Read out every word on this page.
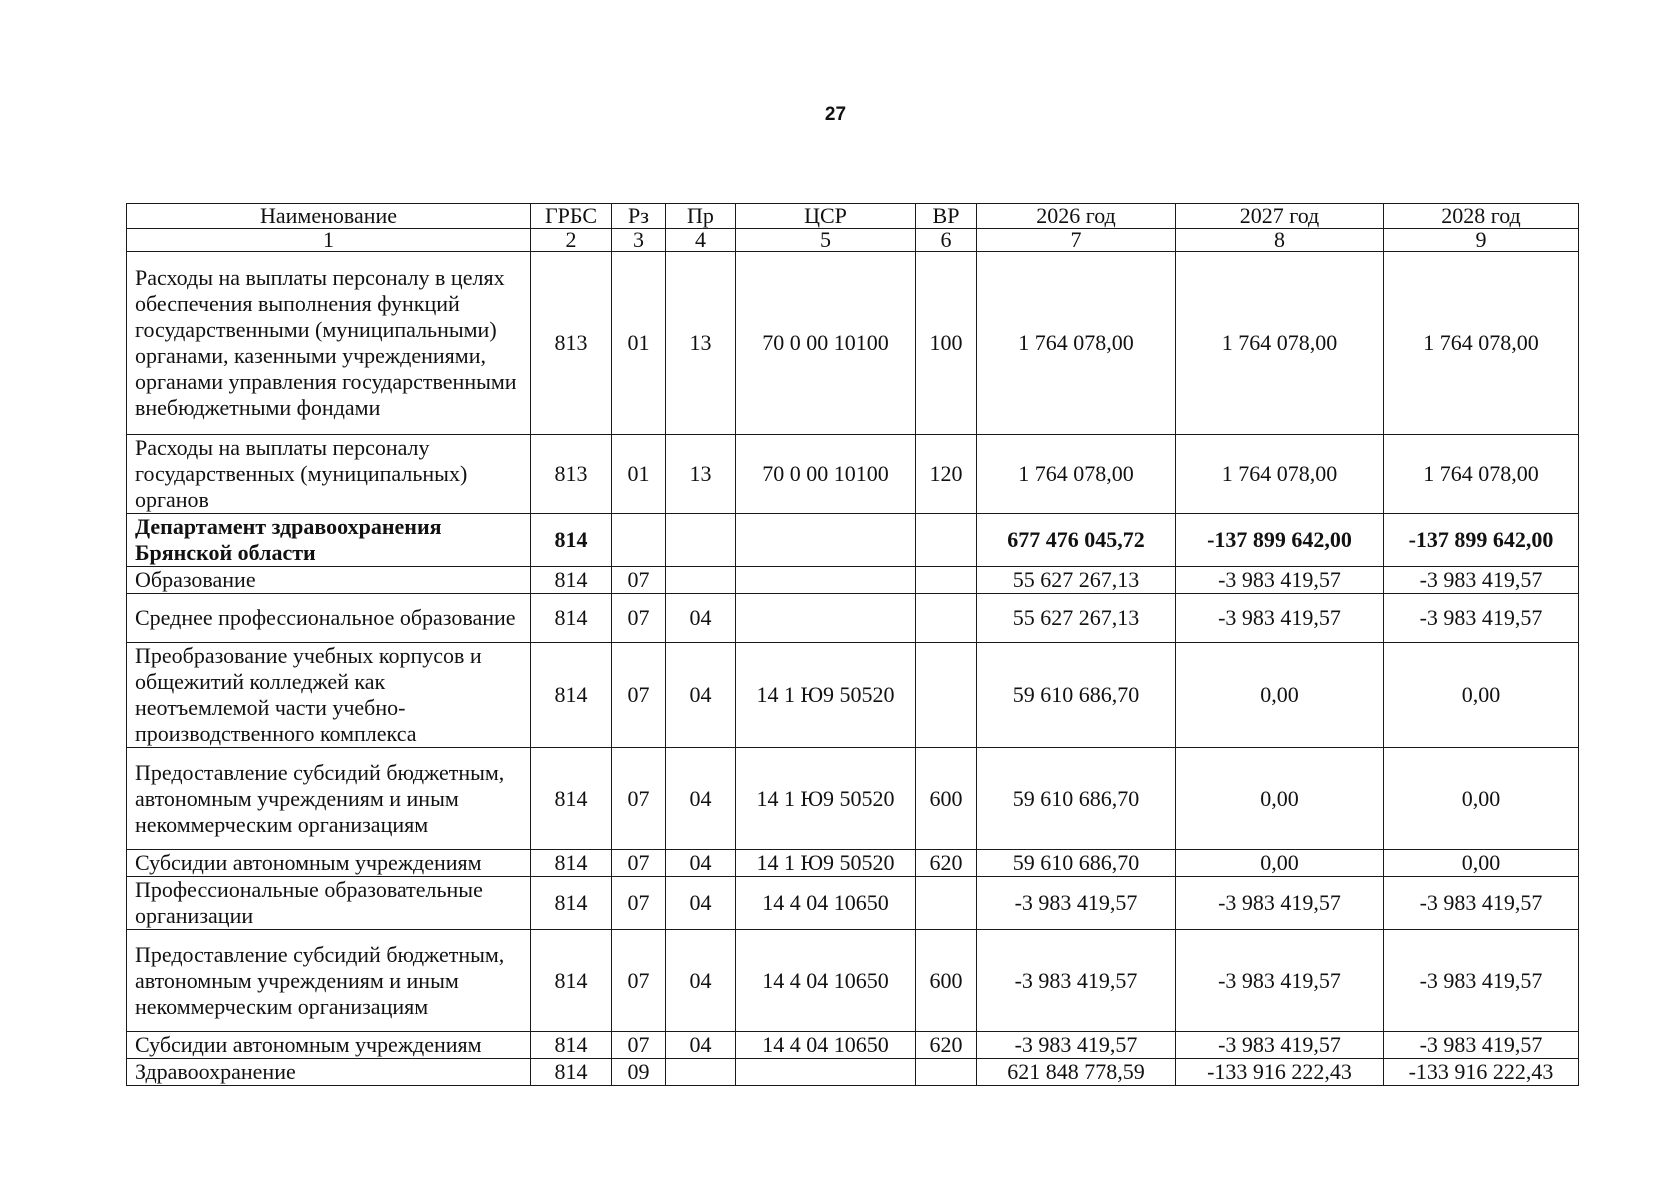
27
Наименование	ГРБС	Рз	Пр	ЦСР	ВР	2026 год	2027 год	2028 год
1	2	3	4	5	6	7	8	9
Расходы на выплаты персоналу в целях обеспечения выполнения функций государственными (муниципальными) органами, казенными учреждениями, органами управления государственными внебюджетными фондами	813	01	13	70 0 00 10100	100	1 764 078,00	1 764 078,00	1 764 078,00
Расходы на выплаты персоналу государственных (муниципальных) органов	813	01	13	70 0 00 10100	120	1 764 078,00	1 764 078,00	1 764 078,00
Департамент здравоохранения Брянской области	814					677 476 045,72	-137 899 642,00	-137 899 642,00
Образование	814	07				55 627 267,13	-3 983 419,57	-3 983 419,57
Среднее профессиональное образование	814	07	04			55 627 267,13	-3 983 419,57	-3 983 419,57
Преобразование учебных корпусов и общежитий колледжей как неотъемлемой части учебно-производственного комплекса	814	07	04	14 1 Ю9 50520		59 610 686,70	0,00	0,00
Предоставление субсидий бюджетным, автономным учреждениям и иным некоммерческим организациям	814	07	04	14 1 Ю9 50520	600	59 610 686,70	0,00	0,00
Субсидии автономным учреждениям	814	07	04	14 1 Ю9 50520	620	59 610 686,70	0,00	0,00
Профессиональные образовательные организации	814	07	04	14 4 04 10650		-3 983 419,57	-3 983 419,57	-3 983 419,57
Предоставление субсидий бюджетным, автономным учреждениям и иным некоммерческим организациям	814	07	04	14 4 04 10650	600	-3 983 419,57	-3 983 419,57	-3 983 419,57
Субсидии автономным учреждениям	814	07	04	14 4 04 10650	620	-3 983 419,57	-3 983 419,57	-3 983 419,57
Здравоохранение	814	09				621 848 778,59	-133 916 222,43	-133 916 222,43
